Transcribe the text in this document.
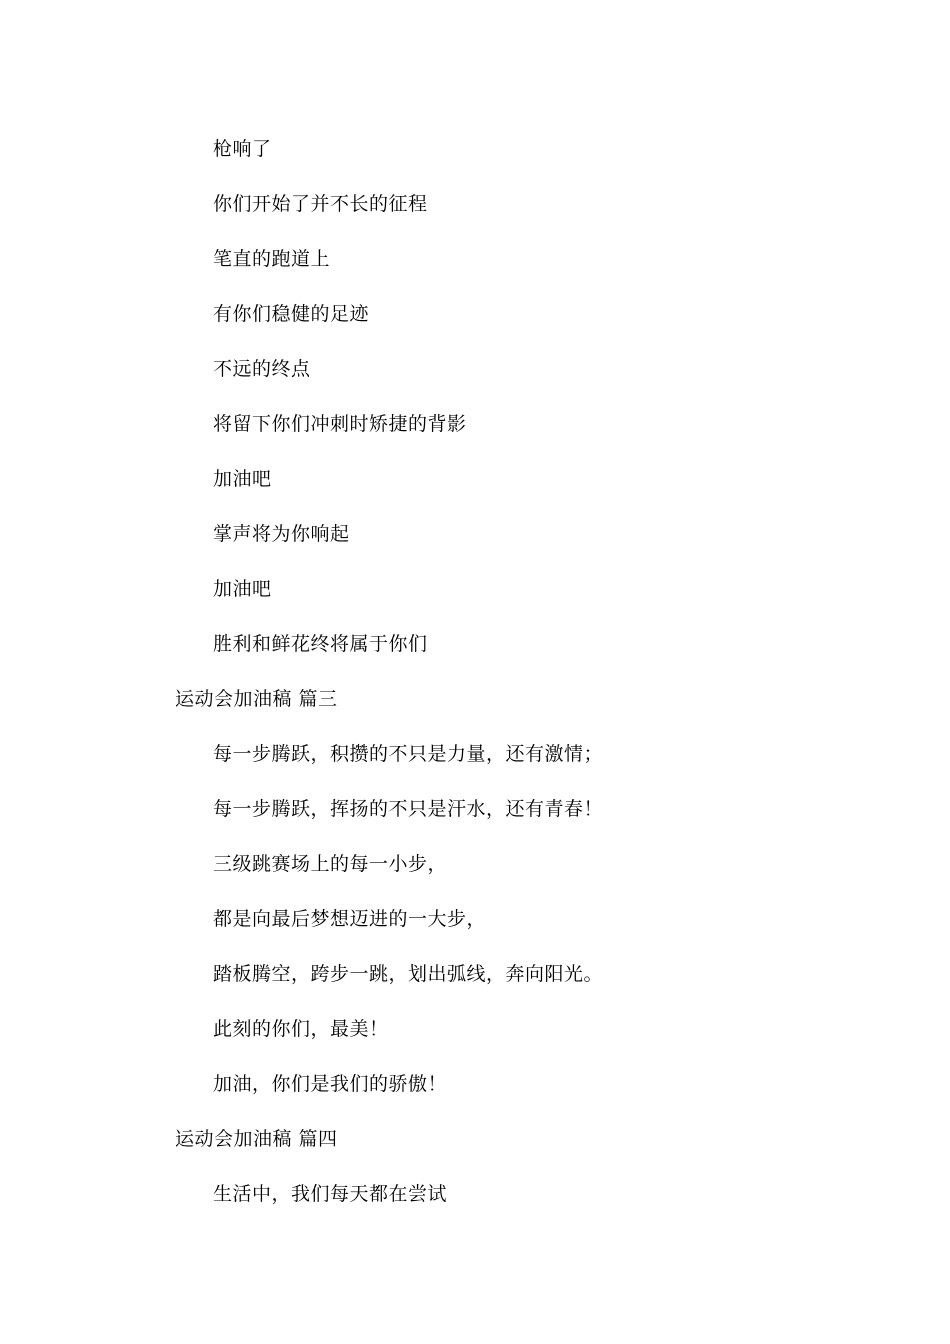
枪响了
你们开始了并不长的征程
笔直的跑道上
有你们稳健的足迹
不远的终点
将留下你们冲刺时矫捷的背影
加油吧
掌声将为你响起
加油吧
胜利和鲜花终将属于你们
运动会加油稿 篇三
每一步腾跃，积攒的不只是力量，还有激情；
每一步腾跃，挥扬的不只是汗水，还有青春！
三级跳赛场上的每一小步，
都是向最后梦想迈进的一大步，
踏板腾空，跨步一跳，划出弧线，奔向阳光。
此刻的你们，最美！
加油，你们是我们的骄傲！
运动会加油稿 篇四
生活中，我们每天都在尝试
